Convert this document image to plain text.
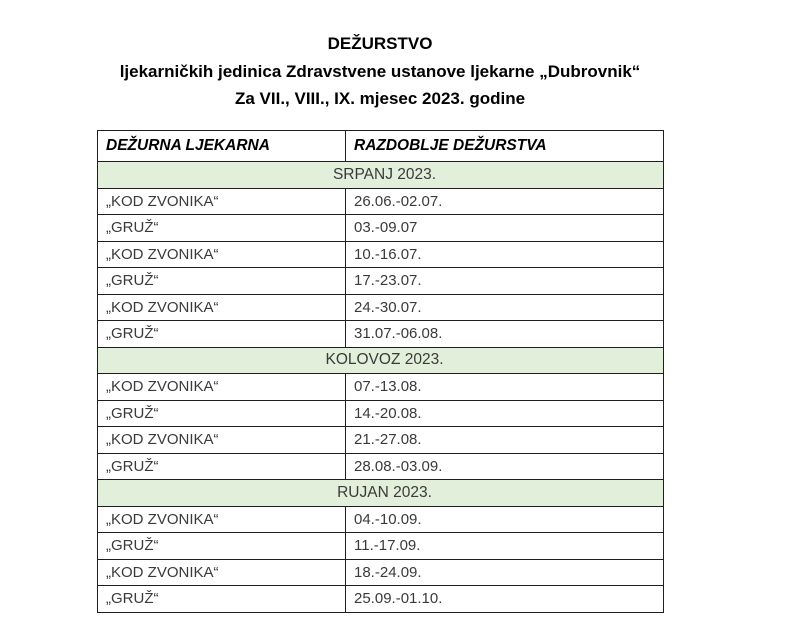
DEŽURSTVO
ljekarničkih jedinica Zdravstvene ustanove ljekarne „Dubrovnik“
Za VII., VIII., IX. mjesec 2023. godine
DEŽURNA LJEKARNA	RAZDOBLJE DEŽURSTVA
SRPANJ 2023.	
„KOD ZVONIKA“	26.06.-02.07.
„GRUŽ“	03.-09.07
„KOD ZVONIKA“	10.-16.07.
„GRUŽ“	17.-23.07.
„KOD ZVONIKA“	24.-30.07.
„GRUŽ“	31.07.-06.08.
KOLOVOZ 2023.	
„KOD ZVONIKA“	07.-13.08.
„GRUŽ“	14.-20.08.
„KOD ZVONIKA“	21.-27.08.
„GRUŽ“	28.08.-03.09.
RUJAN 2023.	
„KOD ZVONIKA“	04.-10.09.
„GRUŽ“	11.-17.09.
„KOD ZVONIKA“	18.-24.09.
„GRUŽ“	25.09.-01.10.
